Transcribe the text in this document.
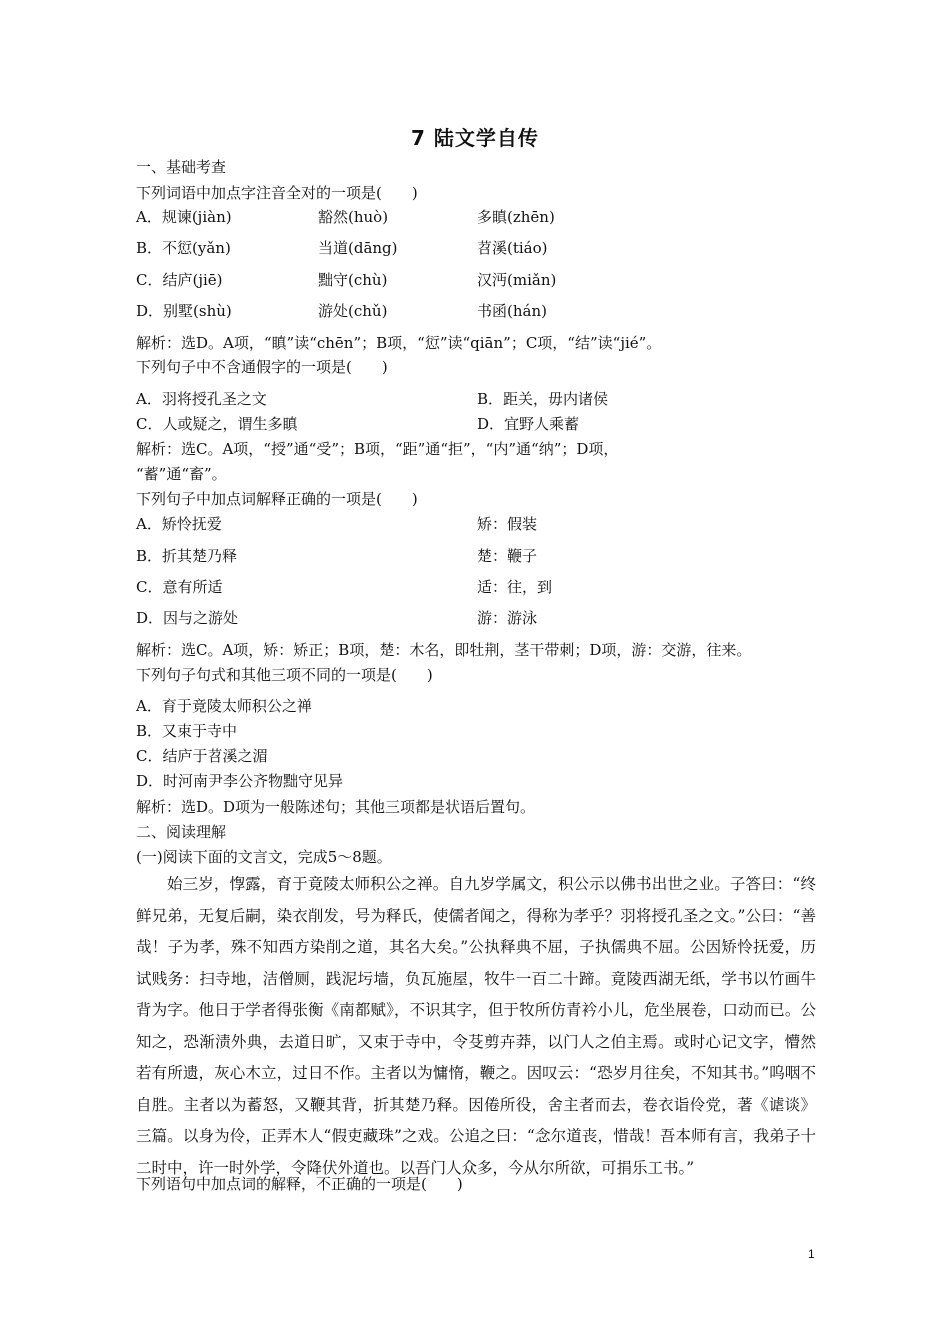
7 陆文学自传
一、基础考查
下列词语中加点字注音全对的一项是(　　)
A．规谏(jiàn)	豁然(huò)	多瞋(zhēn)
B．不愆(yǎn)	当道(dāng)	苕溪(tiáo)
C．结庐(jiē)	黜守(chù)	汉沔(miǎn)
D．别墅(shù)	游处(chǔ)	书函(hán)
解析：选D。A项，“瞋”读“chēn”；B项，“愆”读“qiān”；C项，“结”读“jié”。
下列句子中不含通假字的一项是(　　)
A．羽将授孔圣之文	B．距关，毋内诸侯
C．人或疑之，谓生多瞋	D．宜野人乘蓄
解析：选C。A项，“授”通“受”；B项，“距”通“拒”，“内”通“纳”；D项，
“蓄”通“畜”。
下列句子中加点词解释正确的一项是(　　)
A．矫怜抚爱	矫：假装
B．折其楚乃释	楚：鞭子
C．意有所适	适：往，到
D．因与之游处	游：游泳
解析：选C。A项，矫：矫正；B项，楚：木名，即牡荆，茎干带刺；D项，游：交游，往来。
下列句子句式和其他三项不同的一项是(　　)
A．育于竟陵太师积公之禅
B．又束于寺中
C．结庐于苕溪之湄
D．时河南尹李公齐物黜守见异
解析：选D。D项为一般陈述句；其他三项都是状语后置句。
二、阅读理解
(一)阅读下面的文言文，完成5～8题。
始三岁，惸露，育于竟陵太师积公之禅。自九岁学属文，积公示以佛书出世之业。子答曰：“终鲜兄弟，无复后嗣，染衣削发，号为释氏，使儒者闻之，得称为孝乎？羽将授孔圣之文。”公曰：“善哉！子为孝，殊不知西方染削之道，其名大矣。”公执释典不屈，子执儒典不屈。公因矫怜抚爱，历试贱务：扫寺地，洁僧厕，践泥圬墙，负瓦施屋，牧牛一百二十蹄。竟陵西湖无纸，学书以竹画牛背为字。他日于学者得张衡《南都赋》，不识其字，但于牧所仿青衿小儿，危坐展卷，口动而已。公知之，恐渐渍外典，去道日旷，又束于寺中，令芟剪卉莽，以门人之伯主焉。或时心记文字，懵然若有所遗，灰心木立，过日不作。主者以为慵惰，鞭之。因叹云：“恐岁月往矣，不知其书。”呜咽不自胜。主者以为蓄怒，又鞭其背，折其楚乃释。因倦所役，舍主者而去，卷衣诣伶党，著《谑谈》三篇。以身为伶，正弄木人“假吏藏珠”之戏。公追之曰：“念尔道丧，惜哉！吾本师有言，我弟子十二时中，许一时外学，令降伏外道也。以吾门人众多，今从尔所欲，可捐乐工书。”
下列语句中加点词的解释，不正确的一项是(　　)
1
